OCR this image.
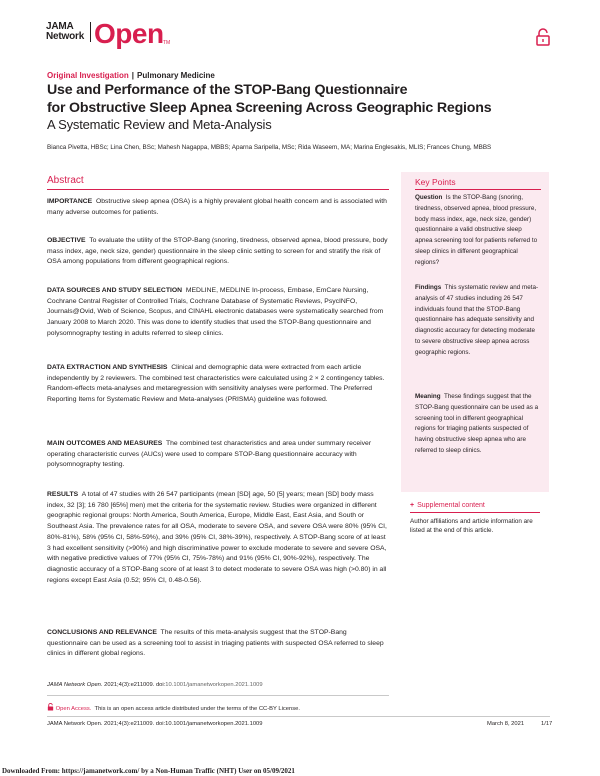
JAMA
Network Open TM
Original Investigation | Pulmonary Medicine
Use and Performance of the STOP-Bang Questionnaire
for Obstructive Sleep Apnea Screening Across Geographic Regions
A Systematic Review and Meta-Analysis
Bianca Pivetta, HBSc; Lina Chen, BSc; Mahesh Nagappa, MBBS; Aparna Saripella, MSc; Rida Waseem, MA; Marina Englesakis, MLIS; Frances Chung, MBBS
Abstract

IMPORTANCE Obstructive sleep apnea (OSA) is a highly prevalent global health concern and is associated with many adverse outcomes for patients.

OBJECTIVE To evaluate the utility of the STOP-Bang (snoring, tiredness, observed apnea, blood pressure, body mass index, age, neck size, gender) questionnaire in the sleep clinic setting to screen for and stratify the risk of OSA among populations from different geographical regions.

DATA SOURCES AND STUDY SELECTION MEDLINE, MEDLINE In-process, Embase, EmCare Nursing, Cochrane Central Register of Controlled Trials, Cochrane Database of Systematic Reviews, PsycINFO, Journals@Ovid, Web of Science, Scopus, and CINAHL electronic databases were systematically searched from January 2008 to March 2020. This was done to identify studies that used the STOP-Bang questionnaire and polysomnography testing in adults referred to sleep clinics.

DATA EXTRACTION AND SYNTHESIS Clinical and demographic data were extracted from each article independently by 2 reviewers. The combined test characteristics were calculated using 2 × 2 contingency tables. Random-effects meta-analyses and metaregression with sensitivity analyses were performed. The Preferred Reporting Items for Systematic Review and Meta-analyses (PRISMA) guideline was followed.

MAIN OUTCOMES AND MEASURES The combined test characteristics and area under summary receiver operating characteristic curves (AUCs) were used to compare STOP-Bang questionnaire accuracy with polysomnography testing.

RESULTS A total of 47 studies with 26 547 participants (mean [SD] age, 50 [5] years; mean [SD] body mass index, 32 [3]; 16 780 [65%] men) met the criteria for the systematic review. Studies were organized in different geographic regional groups: North America, South America, Europe, Middle East, East Asia, and South or Southeast Asia. The prevalence rates for all OSA, moderate to severe OSA, and severe OSA were 80% (95% CI, 80%-81%), 58% (95% CI, 58%-59%), and 39% (95% CI, 38%-39%), respectively. A STOP-Bang score of at least 3 had excellent sensitivity (>90%) and high discriminative power to exclude moderate to severe and severe OSA, with negative predictive values of 77% (95% CI, 75%-78%) and 91% (95% CI, 90%-92%), respectively. The diagnostic accuracy of a STOP-Bang score of at least 3 to detect moderate to severe OSA was high (>0.80) in all regions except East Asia (0.52; 95% CI, 0.48-0.56).

CONCLUSIONS AND RELEVANCE The results of this meta-analysis suggest that the STOP-Bang questionnaire can be used as a screening tool to assist in triaging patients with suspected OSA referred to sleep clinics in different global regions.

Key Points

Question Is the STOP-Bang (snoring, tiredness, observed apnea, blood pressure, body mass index, age, neck size, gender) questionnaire a valid obstructive sleep apnea screening tool for patients referred to sleep clinics in different geographical regions?

Findings This systematic review and meta-analysis of 47 studies including 26 547 individuals found that the STOP-Bang questionnaire has adequate sensitivity and diagnostic accuracy for detecting moderate to severe obstructive sleep apnea across geographic regions.

Meaning These findings suggest that the STOP-Bang questionnaire can be used as a screening tool in different geographical regions for triaging patients suspected of having obstructive sleep apnea who are referred to sleep clinics.

+ Supplemental content
Author affiliations and article information are listed at the end of this article.
JAMA Network Open. 2021;4(3):e211009. doi:10.1001/jamanetworkopen.2021.1009
Open Access. This is an open access article distributed under the terms of the CC-BY License.
JAMA Network Open. 2021;4(3):e211009. doi:10.1001/jamanetworkopen.2021.1009	March 8, 2021	1/17
Downloaded From: https://jamanetwork.com/ by a Non-Human Traffic (NHT) User on 05/09/2021
